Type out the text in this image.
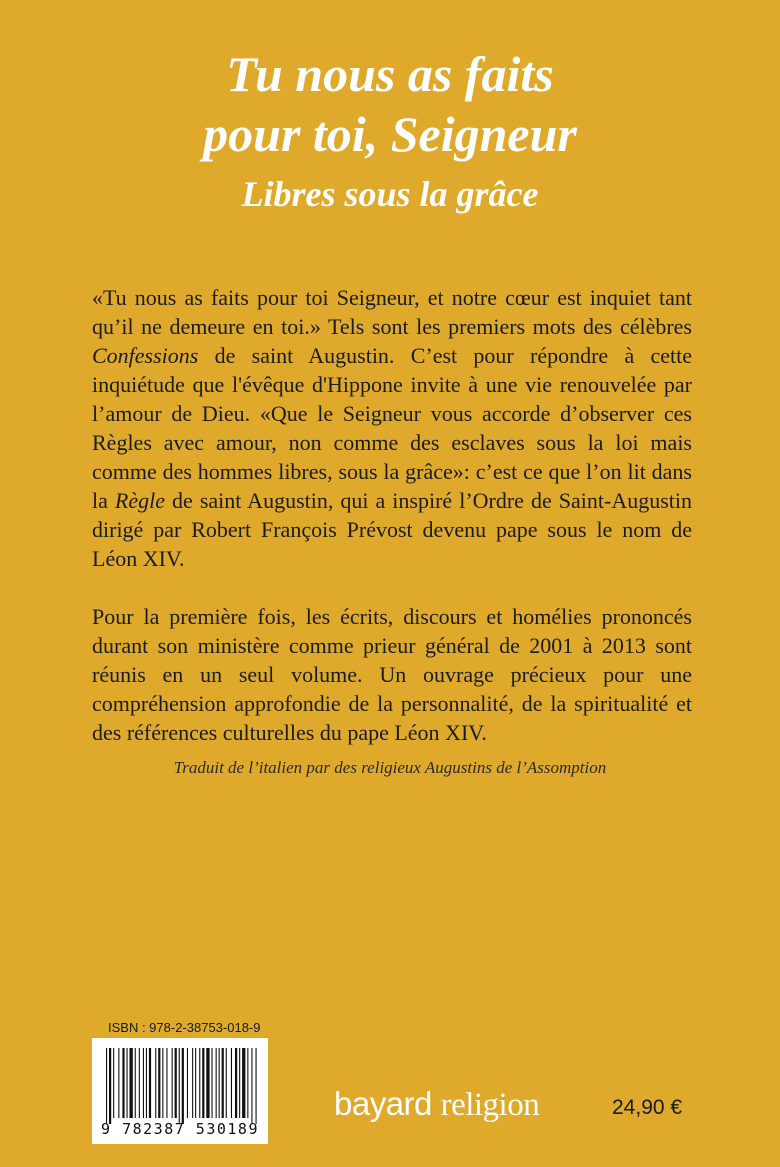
Tu nous as faits
pour toi, Seigneur
Libres sous la grâce

«Tu nous as faits pour toi Seigneur, et notre cœur est inquiet tant qu’il ne demeure en toi.» Tels sont les premiers mots des célèbres Confessions de saint Augustin. C’est pour répondre à cette inquiétude que l'évêque d'Hippone invite à une vie renouvelée par l’amour de Dieu. «Que le Seigneur vous accorde d’observer ces Règles avec amour, non comme des esclaves sous la loi mais comme des hommes libres, sous la grâce»: c’est ce que l’on lit dans la Règle de saint Augustin, qui a inspiré l’Ordre de Saint-Augustin dirigé par Robert François Prévost devenu pape sous le nom de Léon XIV.

Pour la première fois, les écrits, discours et homélies prononcés durant son ministère comme prieur général de 2001 à 2013 sont réunis en un seul volume. Un ouvrage précieux pour une compréhension approfondie de la personnalité, de la spiritualité et des références culturelles du pape Léon XIV.

Traduit de l’italien par des religieux Augustins de l’Assomption
ISBN : 978-2-38753-018-9
9 782387 530189
bayard religion	24,90 €
